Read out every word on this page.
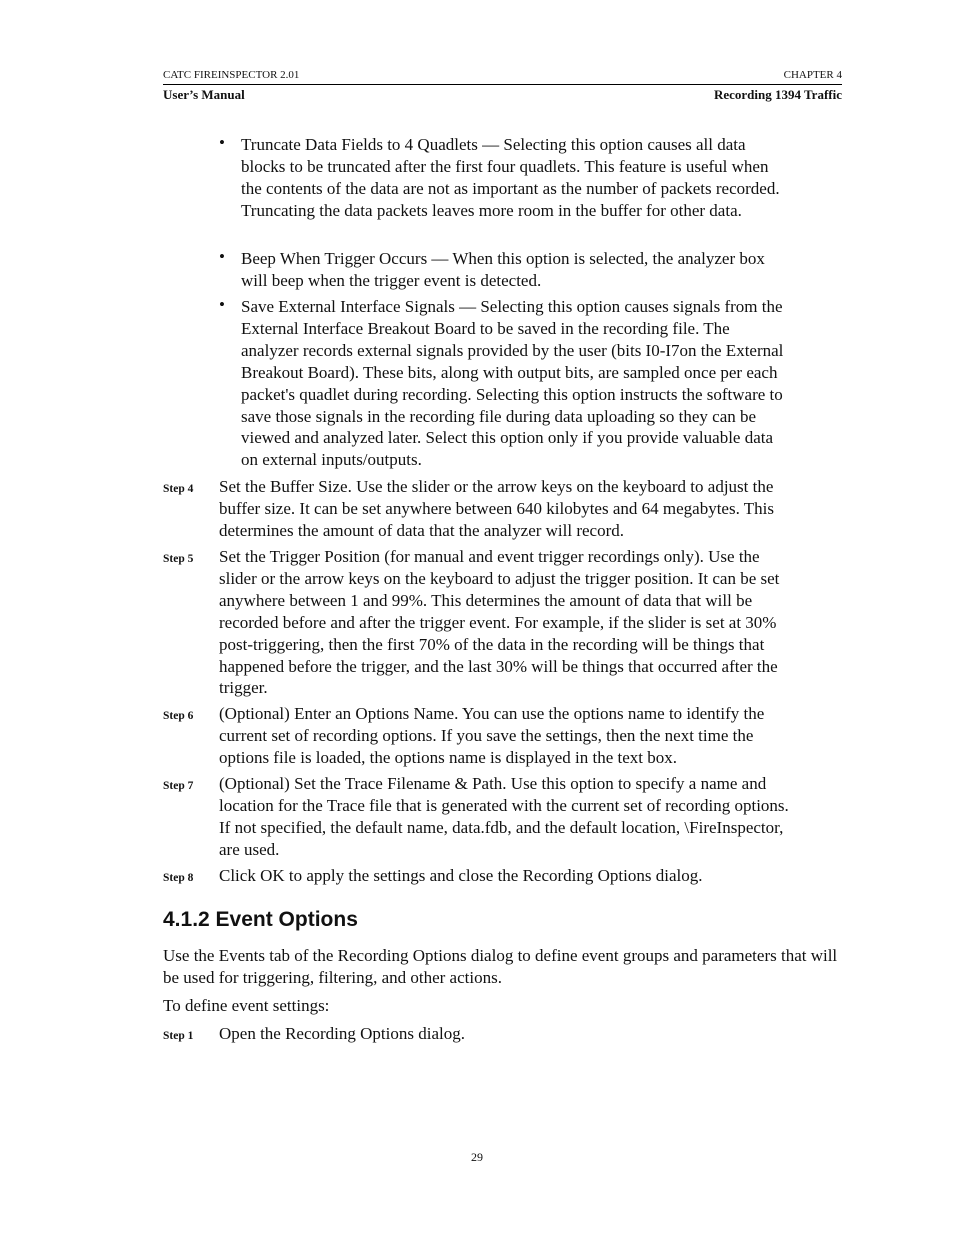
CATC FIREINSPECTOR 2.01	CHAPTER 4
User’s Manual	Recording 1394 Traffic
• Truncate Data Fields to 4 Quadlets — Selecting this option causes all data blocks to be truncated after the first four quadlets. This feature is useful when the contents of the data are not as important as the number of packets recorded. Truncating the data packets leaves more room in the buffer for other data.
• Beep When Trigger Occurs — When this option is selected, the analyzer box will beep when the trigger event is detected.
• Save External Interface Signals — Selecting this option causes signals from the External Interface Breakout Board to be saved in the recording file. The analyzer records external signals provided by the user (bits I0-I7on the External Breakout Board). These bits, along with output bits, are sampled once per each packet's quadlet during recording. Selecting this option instructs the software to save those signals in the recording file during data uploading so they can be viewed and analyzed later. Select this option only if you provide valuable data on external inputs/outputs.
Step 4 Set the Buffer Size. Use the slider or the arrow keys on the keyboard to adjust the buffer size. It can be set anywhere between 640 kilobytes and 64 megabytes. This determines the amount of data that the analyzer will record.
Step 5 Set the Trigger Position (for manual and event trigger recordings only). Use the slider or the arrow keys on the keyboard to adjust the trigger position. It can be set anywhere between 1 and 99%. This determines the amount of data that will be recorded before and after the trigger event. For example, if the slider is set at 30% post-triggering, then the first 70% of the data in the recording will be things that happened before the trigger, and the last 30% will be things that occurred after the trigger.
Step 6 (Optional) Enter an Options Name. You can use the options name to identify the current set of recording options. If you save the settings, then the next time the options file is loaded, the options name is displayed in the text box.
Step 7 (Optional) Set the Trace Filename & Path. Use this option to specify a name and location for the Trace file that is generated with the current set of recording options. If not specified, the default name, data.fdb, and the default location, \FireInspector, are used.
Step 8 Click OK to apply the settings and close the Recording Options dialog.
4.1.2 Event Options
Use the Events tab of the Recording Options dialog to define event groups and parameters that will be used for triggering, filtering, and other actions.
To define event settings:
Step 1 Open the Recording Options dialog.
29
